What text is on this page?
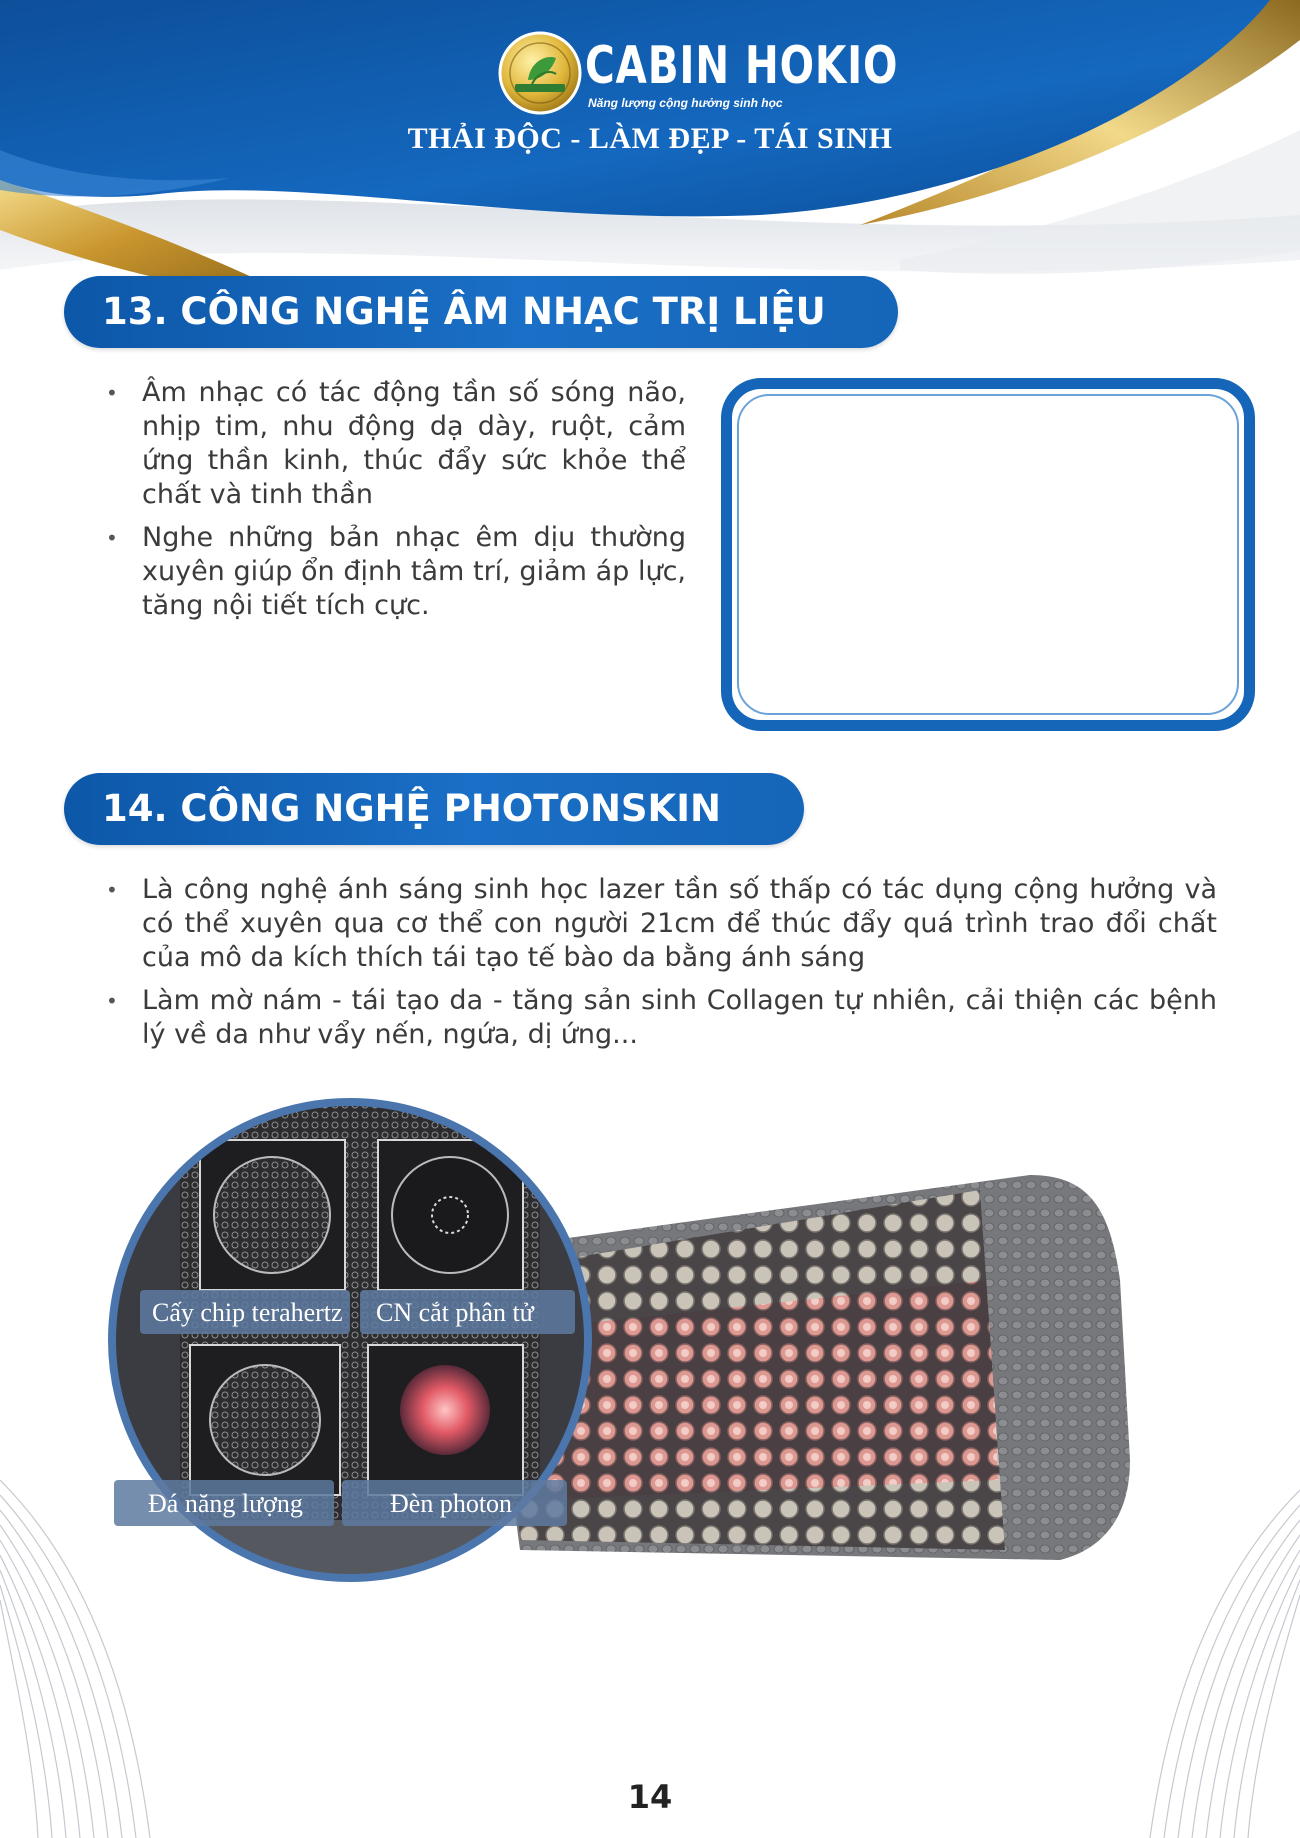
CABIN HOKIO
Năng lượng cộng hưởng sinh học
THẢI ĐỘC - LÀM ĐẸP - TÁI SINH
13. CÔNG NGHỆ ÂM NHẠC TRỊ LIỆU
• Âm nhạc có tác động tần số sóng não, nhịp tim, nhu động dạ dày, ruột, cảm ứng thần kinh, thúc đẩy sức khỏe thể chất và tinh thần
• Nghe những bản nhạc êm dịu thường xuyên giúp ổn định tâm trí, giảm áp lực, tăng nội tiết tích cực.
14. CÔNG NGHỆ PHOTONSKIN
• Là công nghệ ánh sáng sinh học lazer tần số thấp có tác dụng cộng hưởng và có thể xuyên qua cơ thể con người 21cm để thúc đẩy quá trình trao đổi chất của mô da kích thích tái tạo tế bào da bằng ánh sáng
• Làm mờ nám - tái tạo da - tăng sản sinh Collagen tự nhiên, cải thiện các bệnh lý về da như vẩy nến, ngứa, dị ứng...
Cấy chip terahertz CN cắt phân tử
Đá năng lượng	Đèn photon
14
